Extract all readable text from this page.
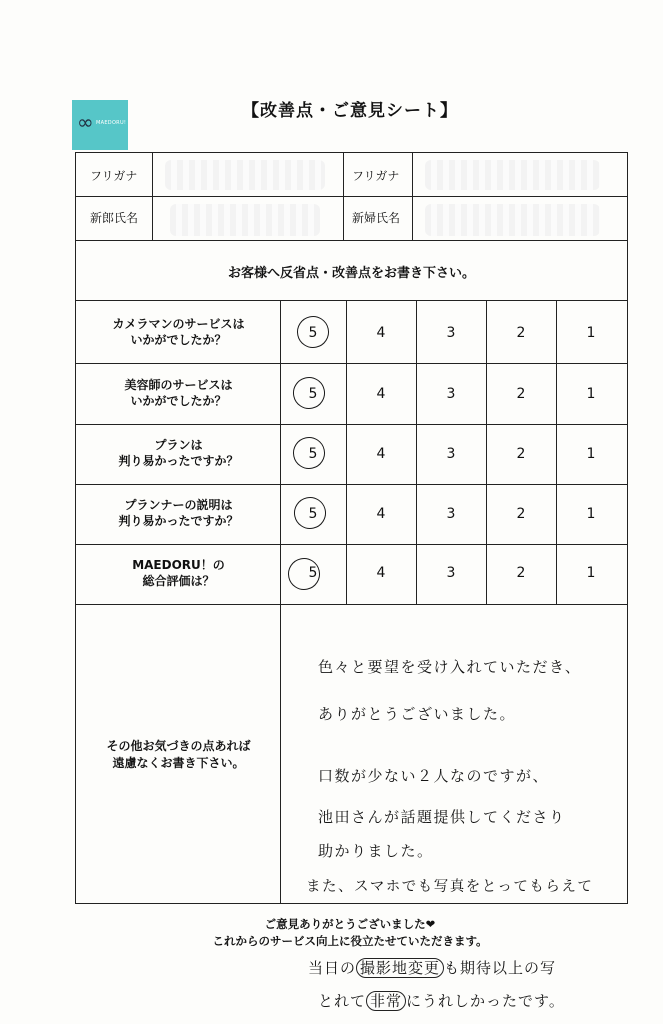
∞ MAEDORU!
【改善点・ご意見シート】
フリガナ
新郎氏名
フリガナ
新婦氏名
お客様へ反省点・改善点をお書き下さい。
カメラマンのサービスは
いかがでしたか？	5	4	3	2	1
美容師のサービスは
いかがでしたか？	5	4	3	2	1
プランは
判り易かったですか？	5	4	3	2	1
プランナーの説明は
判り易かったですか？	5	4	3	2	1
MAEDORU！の
総合評価は？	5	4	3	2	1
その他お気づきの点あれば
遠慮なくお書き下さい。
色々と要望を受け入れていただき、
ありがとうございました。
口数が少ない２人なのですが、
池田さんが話題提供してくださり
助かりました。
また、スマホでも写真をとってもらえて
ご意見ありがとうございました❤
これからのサービス向上に役立たせていただきます。
当日の 撮影地変更 も期待以上の写
とれて 非常 にうれしかったです。
